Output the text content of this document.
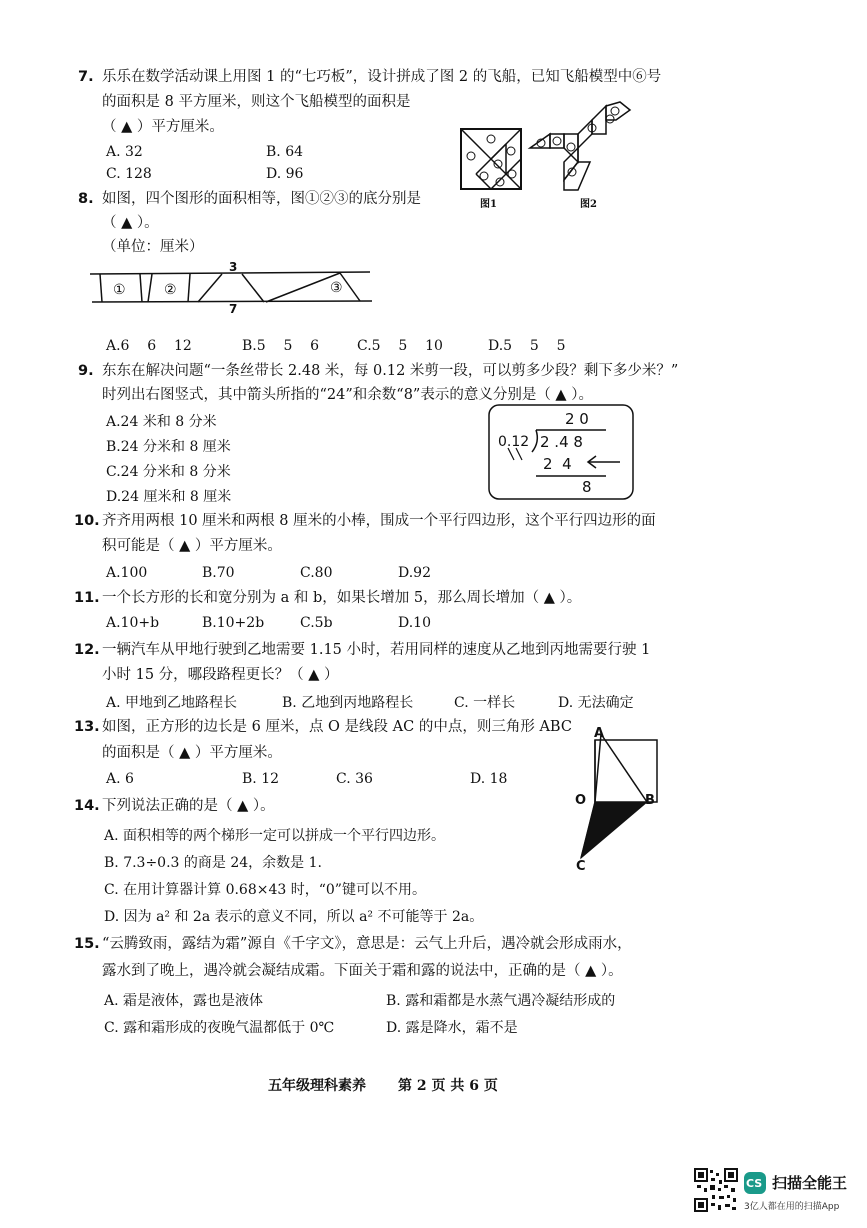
7. 乐乐在数学活动课上用图 1 的“七巧板”，设计拼成了图 2 的飞船，已知飞船模型中⑥号
的面积是 8 平方厘米，则这个飞船模型的面积是
（ ▲ ）平方厘米。
A. 32	B. 64
C. 128	D. 96
图1	图2
8. 如图，四个图形的面积相等，图①②③的底分别是
（ ▲ ）。
（单位：厘米）
3
7
①	②	③
A.6    6    12	B.5    5    6	C.5    5    10	D.5    5    5
9. 东东在解决问题“一条丝带长 2.48 米，每 0.12 米剪一段，可以剪多少段？剩下多少米？”
时列出右图竖式，其中箭头所指的“24”和余数“8”表示的意义分别是（ ▲ ）。
A.24 米和 8 分米
B.24 分米和 8 厘米
C.24 分米和 8 分米
D.24 厘米和 8 厘米
2 0
0.12 2 .4 8
2  4
8
10. 齐齐用两根 10 厘米和两根 8 厘米的小棒，围成一个平行四边形，这个平行四边形的面
积可能是（ ▲ ）平方厘米。
A.100	B.70	C.80	D.92
11. 一个长方形的长和宽分别为 a 和 b，如果长增加 5，那么周长增加（ ▲ ）。
A.10+b	B.10+2b	C.5b	D.10
12. 一辆汽车从甲地行驶到乙地需要 1.15 小时，若用同样的速度从乙地到丙地需要行驶 1
小时 15 分，哪段路程更长？（ ▲ ）
A. 甲地到乙地路程长	B. 乙地到丙地路程长	C. 一样长	D. 无法确定
13. 如图，正方形的边长是 6 厘米，点 O 是线段 AC 的中点，则三角形 ABC
的面积是（ ▲ ）平方厘米。
A. 6	B. 12	C. 36	D. 18
A
O	B
C
14. 下列说法正确的是（ ▲ ）。
A. 面积相等的两个梯形一定可以拼成一个平行四边形。
B. 7.3÷0.3 的商是 24，余数是 1.
C. 在用计算器计算 0.68×43 时，“0”键可以不用。
D. 因为 a² 和 2a 表示的意义不同，所以 a² 不可能等于 2a。
15. “云腾致雨，露结为霜”源自《千字文》，意思是：云气上升后，遇冷就会形成雨水，
露水到了晚上，遇冷就会凝结成霜。下面关于霜和露的说法中，正确的是（ ▲ ）。
A. 霜是液体，露也是液体	B. 露和霜都是水蒸气遇冷凝结形成的
C. 露和霜形成的夜晚气温都低于 0℃	D. 露是降水，霜不是
五年级理科素养 第 2 页 共 6 页
CS 扫描全能王
3亿人都在用的扫描App
